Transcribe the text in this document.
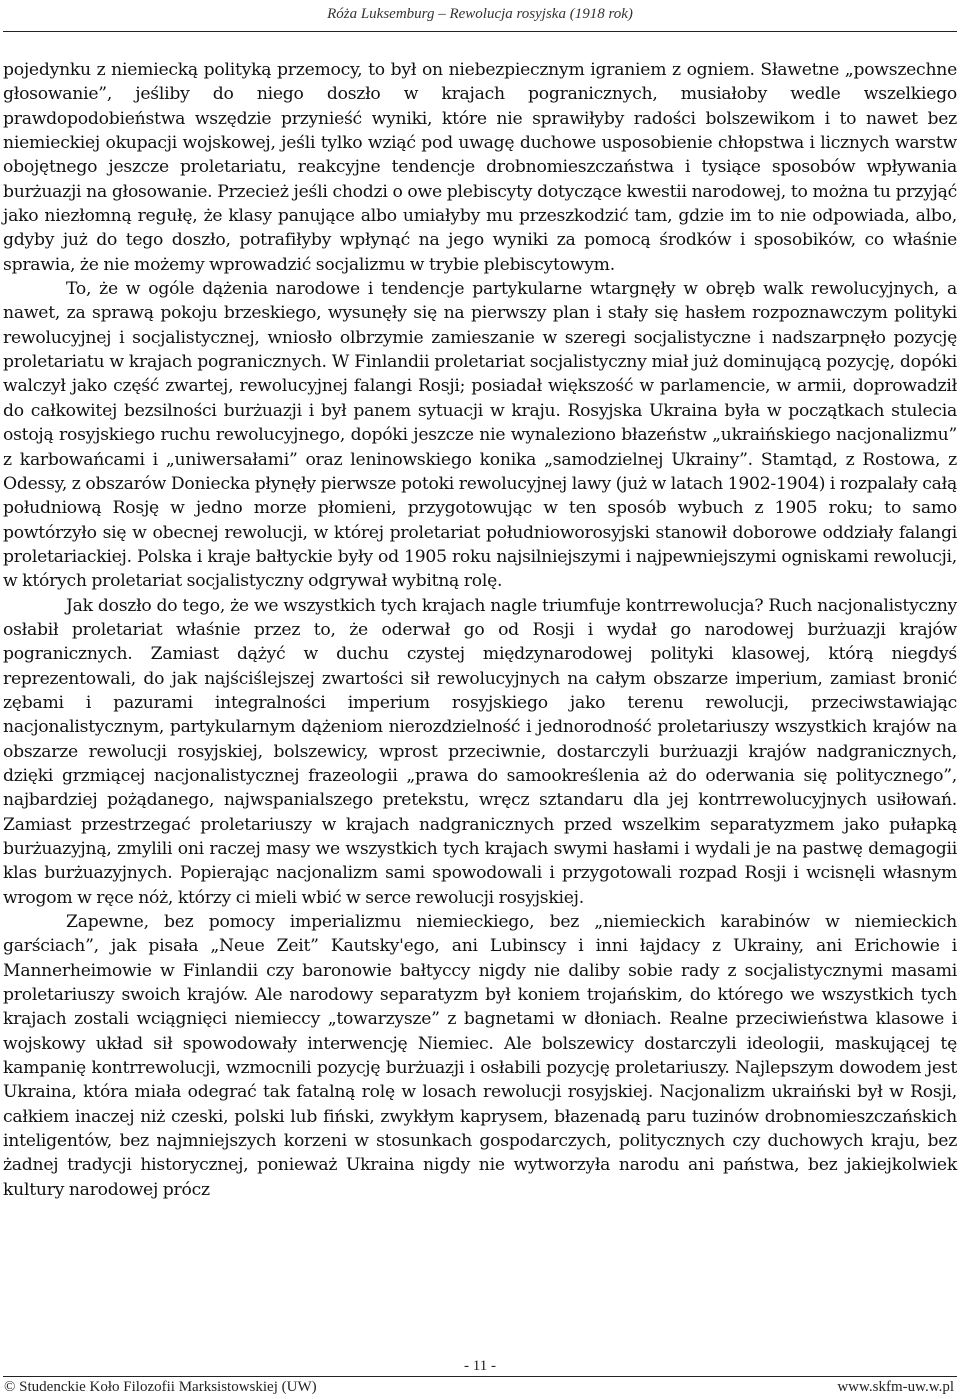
Róża Luksemburg – Rewolucja rosyjska (1918 rok)

pojedynku z niemiecką polityką przemocy, to był on niebezpiecznym igraniem z ogniem. Sławetne „powszechne głosowanie”, jeśliby do niego doszło w krajach pogranicznych, musiałoby wedle wszelkiego prawdopodobieństwa wszędzie przynieść wyniki, które nie sprawiłyby radości bolszewikom i to nawet bez niemieckiej okupacji wojskowej, jeśli tylko wziąć pod uwagę duchowe usposobienie chłopstwa i licznych warstw obojętnego jeszcze proletariatu, reakcyjne tendencje drobnomieszczaństwa i tysiące sposobów wpływania burżuazji na głosowanie. Przecież jeśli chodzi o owe plebiscyty dotyczące kwestii narodowej, to można tu przyjąć jako niezłomną regułę, że klasy panujące albo umiałyby mu przeszkodzić tam, gdzie im to nie odpowiada, albo, gdyby już do tego doszło, potrafiłyby wpłynąć na jego wyniki za pomocą środków i sposobików, co właśnie sprawia, że nie możemy wprowadzić socjalizmu w trybie plebiscytowym.

To, że w ogóle dążenia narodowe i tendencje partykularne wtargnęły w obręb walk rewolucyjnych, a nawet, za sprawą pokoju brzeskiego, wysunęły się na pierwszy plan i stały się hasłem rozpoznawczym polityki rewolucyjnej i socjalistycznej, wniosło olbrzymie zamieszanie w szeregi socjalistyczne i nadszarpnęło pozycję proletariatu w krajach pogranicznych. W Finlandii proletariat socjalistyczny miał już dominującą pozycję, dopóki walczył jako część zwartej, rewolucyjnej falangi Rosji; posiadał większość w parlamencie, w armii, doprowadził do całkowitej bezsilności burżuazji i był panem sytuacji w kraju. Rosyjska Ukraina była w początkach stulecia ostoją rosyjskiego ruchu rewolucyjnego, dopóki jeszcze nie wynaleziono błazeństw „ukraińskiego nacjonalizmu” z karbowańcami i „uniwersałami” oraz leninowskiego konika „samodzielnej Ukrainy”. Stamtąd, z Rostowa, z Odessy, z obszarów Doniecka płynęły pierwsze potoki rewolucyjnej lawy (już w latach 1902-1904) i rozpalały całą południową Rosję w jedno morze płomieni, przygotowując w ten sposób wybuch z 1905 roku; to samo powtórzyło się w obecnej rewolucji, w której proletariat południoworosyjski stanowił doborowe oddziały falangi proletariackiej. Polska i kraje bałtyckie były od 1905 roku najsilniejszymi i najpewniejszymi ogniskami rewolucji, w których proletariat socjalistyczny odgrywał wybitną rolę.

Jak doszło do tego, że we wszystkich tych krajach nagle triumfuje kontrrewolucja? Ruch nacjonalistyczny osłabił proletariat właśnie przez to, że oderwał go od Rosji i wydał go narodowej burżuazji krajów pogranicznych. Zamiast dążyć w duchu czystej międzynarodowej polityki klasowej, którą niegdyś reprezentowali, do jak najściślejszej zwartości sił rewolucyjnych na całym obszarze imperium, zamiast bronić zębami i pazurami integralności imperium rosyjskiego jako terenu rewolucji, przeciwstawiając nacjonalistycznym, partykularnym dążeniom nierozdzielność i jednorodność proletariuszy wszystkich krajów na obszarze rewolucji rosyjskiej, bolszewicy, wprost przeciwnie, dostarczyli burżuazji krajów nadgranicznych, dzięki grzmiącej nacjonalistycznej frazeologii „prawa do samookreślenia aż do oderwania się politycznego”, najbardziej pożądanego, najwspanialszego pretekstu, wręcz sztandaru dla jej kontrrewolucyjnych usiłowań. Zamiast przestrzegać proletariuszy w krajach nadgranicznych przed wszelkim separatyzmem jako pułapką burżuazyjną, zmylili oni raczej masy we wszystkich tych krajach swymi hasłami i wydali je na pastwę demagogii klas burżuazyjnych. Popierając nacjonalizm sami spowodowali i przygotowali rozpad Rosji i wcisnęli własnym wrogom w ręce nóż, którzy ci mieli wbić w serce rewolucji rosyjskiej.

Zapewne, bez pomocy imperializmu niemieckiego, bez „niemieckich karabinów w niemieckich garściach”, jak pisała „Neue Zeit” Kautsky'ego, ani Lubinscy i inni łajdacy z Ukrainy, ani Erichowie i Mannerheimowie w Finlandii czy baronowie bałtyccy nigdy nie daliby sobie rady z socjalistycznymi masami proletariuszy swoich krajów. Ale narodowy separatyzm był koniem trojańskim, do którego we wszystkich tych krajach zostali wciągnięci niemieccy „towarzysze” z bagnetami w dłoniach. Realne przeciwieństwa klasowe i wojskowy układ sił spowodowały interwencję Niemiec. Ale bolszewicy dostarczyli ideologii, maskującej tę kampanię kontrrewolucji, wzmocnili pozycję burżuazji i osłabili pozycję proletariuszy. Najlepszym dowodem jest Ukraina, która miała odegrać tak fatalną rolę w losach rewolucji rosyjskiej. Nacjonalizm ukraiński był w Rosji, całkiem inaczej niż czeski, polski lub fiński, zwykłym kaprysem, błazenadą paru tuzinów drobnomieszczańskich inteligentów, bez najmniejszych korzeni w stosunkach gospodarczych, politycznych czy duchowych kraju, bez żadnej tradycji historycznej, ponieważ Ukraina nigdy nie wytworzyła narodu ani państwa, bez jakiejkolwiek kultury narodowej prócz

- 11 -
© Studenckie Koło Filozofii Marksistowskiej (UW)	www.skfm-uw.w.pl
